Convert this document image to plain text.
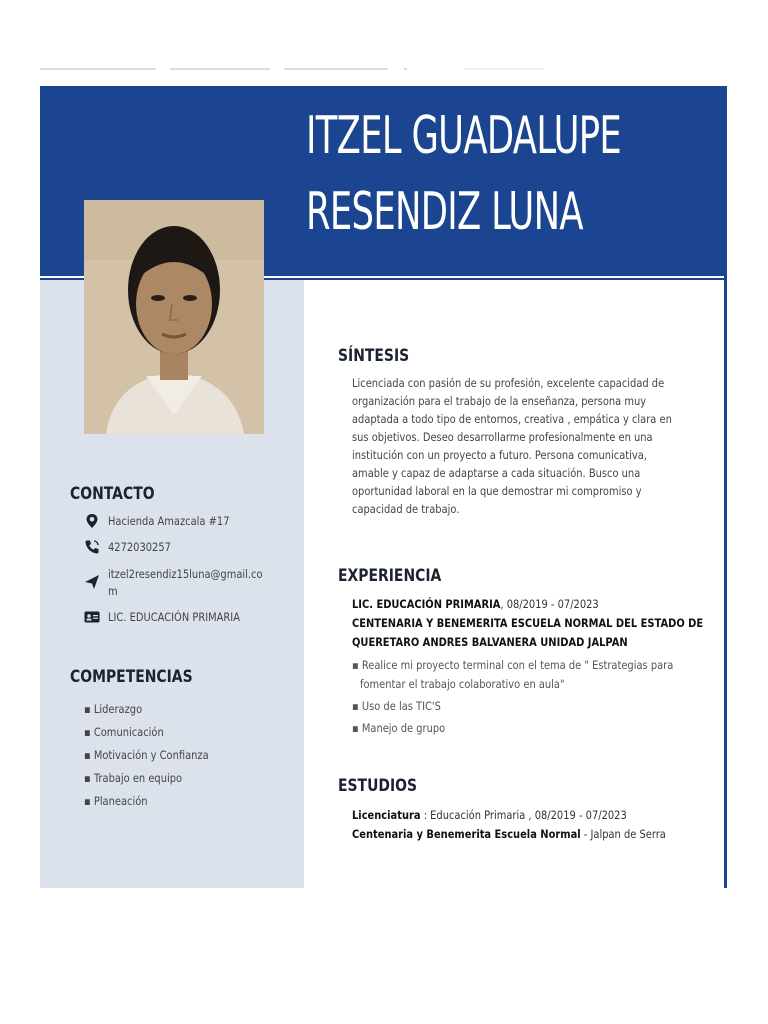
ITZEL GUADALUPE
RESENDIZ LUNA
CONTACTO
Hacienda Amazcala #17
4272030257
itzel2resendiz15luna@gmail.co
m
LIC. EDUCACIÓN PRIMARIA
COMPETENCIAS
▪ Liderazgo
▪ Comunicación
▪ Motivación y Confianza
▪ Trabajo en equipo
▪ Planeación
SÍNTESIS
Licenciada con pasión de su profesión, excelente capacidad de
organización para el trabajo de la enseñanza, persona muy
adaptada a todo tipo de entornos, creativa , empática y clara en
sus objetivos. Deseo desarrollarme profesionalmente en una
institución con un proyecto a futuro. Persona comunicativa,
amable y capaz de adaptarse a cada situación. Busco una
oportunidad laboral en la que demostrar mi compromiso y
capacidad de trabajo.
EXPERIENCIA
LIC. EDUCACIÓN PRIMARIA, 08/2019 - 07/2023
CENTENARIA Y BENEMERITA ESCUELA NORMAL DEL ESTADO DE
QUERETARO ANDRES BALVANERA UNIDAD JALPAN
▪ Realice mi proyecto terminal con el tema de " Estrategias para
fomentar el trabajo colaborativo en aula"
▪ Uso de las TIC'S
▪ Manejo de grupo
ESTUDIOS
Licenciatura : Educación Primaria , 08/2019 - 07/2023
Centenaria y Benemerita Escuela Normal - Jalpan de Serra
